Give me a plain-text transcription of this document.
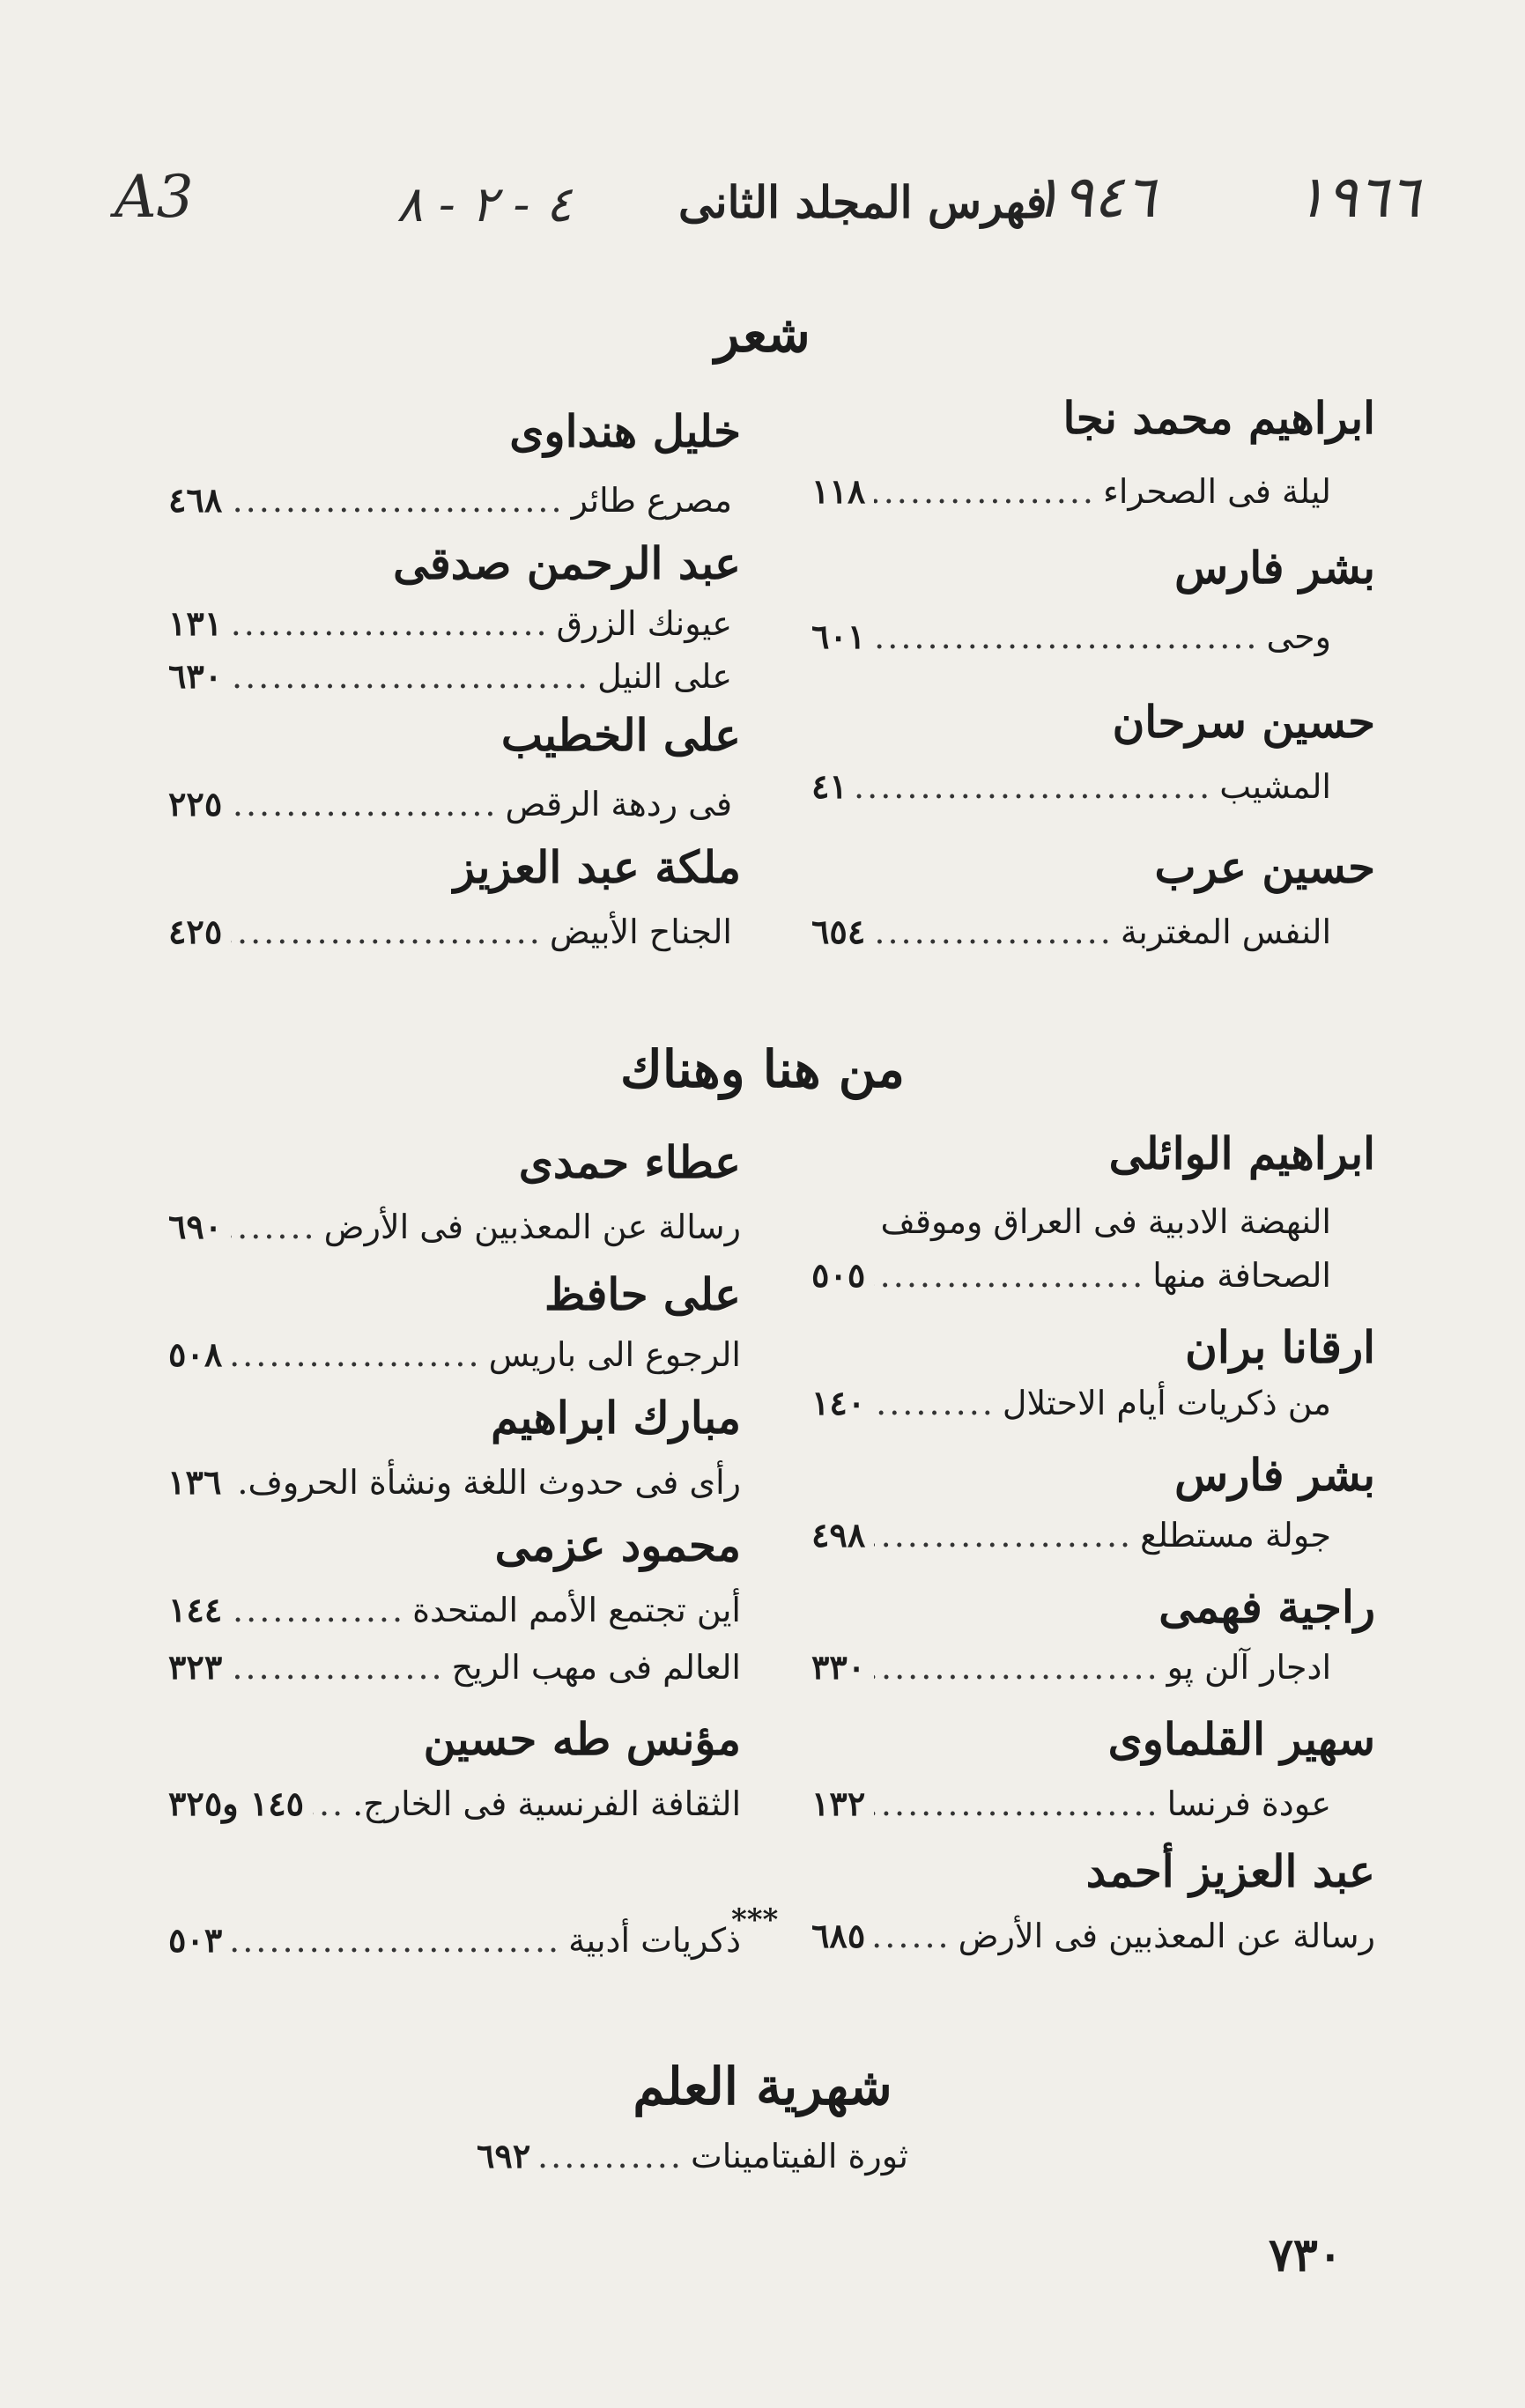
A3	٤ - ٢ - ٨ فهرس المجلد الثانى
١٩٤٦ ١٩٦٦
شعر
ابراهيم محمد نجا
ليلة فى الصحراء
.....
١١٨
بشر فارس
وحى
.....
٦٠١
حسين سرحان
المشيب
.....
٤١
حسين عرب
النفس المغتربة
.....
٦٥٤
خليل هنداوى
مصرع طائر
.....
٤٦٨
عبد الرحمن صدقى
عيونك الزرق
.....
١٣١
على النيل
.....
٦٣٠
على الخطيب
فى ردهة الرقص
.....
٢٢٥
ملكة عبد العزيز
الجناح الأبيض
.....
٤٢٥
من هنا وهناك
ابراهيم الوائلى
النهضة الادبية فى العراق وموقف
الصحافة منها
.....
٥٠٥
ارقانا بران
من ذكريات أيام الاحتلال
.....
١٤٠
بشر فارس
جولة مستطلع
.....
٤٩٨
راجية فهمى
ادجار آلن پو
.....
٣٣٠
سهير القلماوى
عودة فرنسا
.....
١٣٢
عبد العزيز أحمد
رسالة عن المعذبين فى الأرض
.....
٦٨٥
عطاء حمدى
رسالة عن المعذبين فى الأرض
.....
٦٩٠
على حافظ
الرجوع الى باريس
.....
٥٠٨
مبارك ابراهيم
رأى فى حدوث اللغة ونشأة الحروف.
١٣٦
محمود عزمى
أين تجتمع الأمم المتحدة
.....
١٤٤
العالم فى مهب الريح
.....
٣٢٣
مؤنس طه حسين
الثقافة الفرنسية فى الخارج.
.....
١٤٥ و٣٢٥
***
ذكريات أدبية
.....
٥٠٣
شهرية العلم
ثورة الفيتامينات
.....
٦٩٢
٧٣٠
